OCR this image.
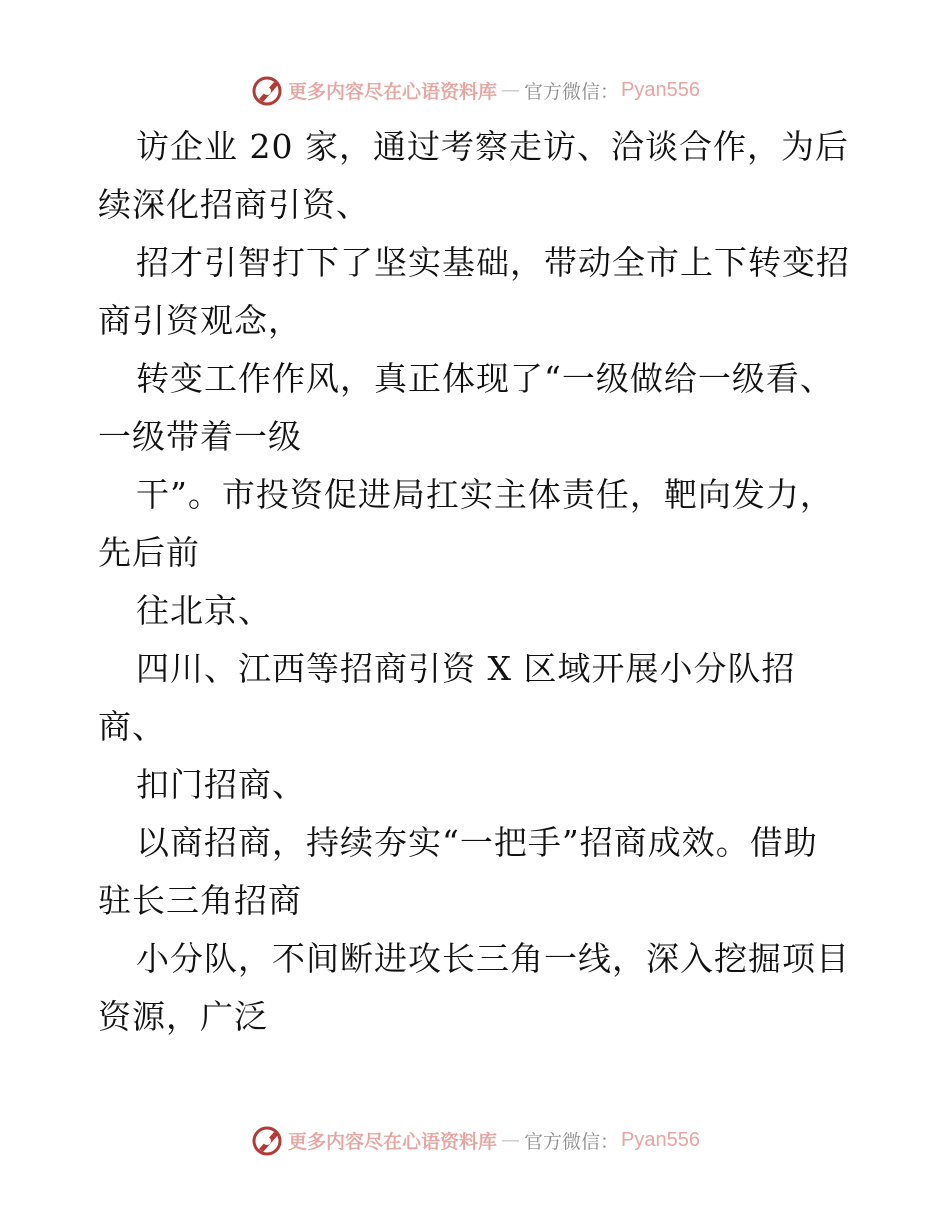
更多内容尽在心语资料库 — 官方微信： Pyan556
访企业 20 家，通过考察走访、洽谈合作，为后
续深化招商引资、
招才引智打下了坚实基础，带动全市上下转变招
商引资观念，
转变工作作风，真正体现了“一级做给一级看、
一级带着一级
干”。市投资促进局扛实主体责任，靶向发力，
先后前
往北京、
四川、江西等招商引资 X 区域开展小分队招
商、
扣门招商、
以商招商，持续夯实“一把手”招商成效。借助
驻长三角招商
小分队，不间断进攻长三角一线，深入挖掘项目
资源，广泛
更多内容尽在心语资料库 — 官方微信： Pyan556
